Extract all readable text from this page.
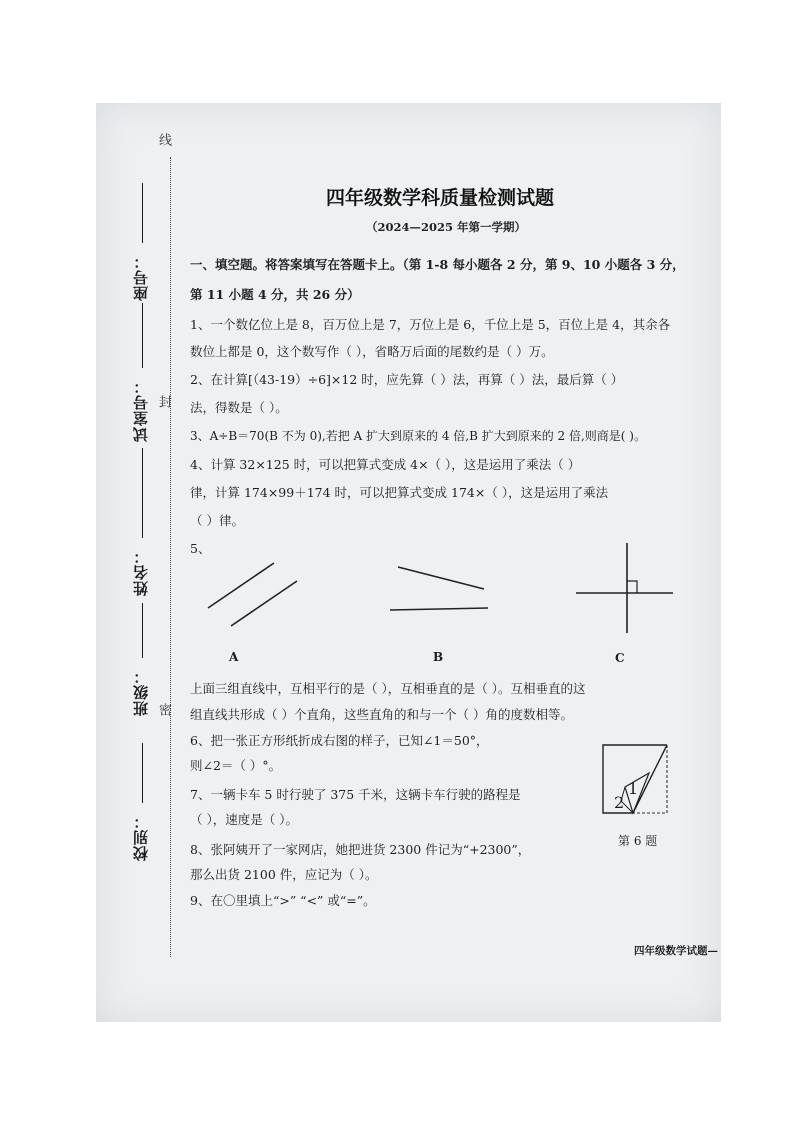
线
封
密
座号：
试室号：
姓名：
班级：
校别：
四年级数学科质量检测试题
（2024—2025 年第一学期）
一、填空题。将答案填写在答题卡上。（第 1-8 每小题各 2 分，第 9、10 小题各 3 分，
第 11 小题 4 分，共 26 分）
1、一个数亿位上是 8，百万位上是 7，万位上是 6，千位上是 5，百位上是 4，其余各
数位上都是 0，这个数写作（ ），省略万后面的尾数约是（ ）万。
2、在计算[（43-19）÷6]×12 时，应先算（ ）法，再算（ ）法，最后算（ ）
法，得数是（ ）。
3、A÷B＝70(B 不为 0),若把 A 扩大到原来的 4 倍,B 扩大到原来的 2 倍,则商是( )。
4、计算 32×125 时，可以把算式变成 4×（ ），这是运用了乘法（ ）
律，计算 174×99＋174 时，可以把算式变成 174×（ ），这是运用了乘法
（ ）律。
5、
A	B	C
上面三组直线中，互相平行的是（ ），互相垂直的是（ ）。互相垂直的这
组直线共形成（ ）个直角，这些直角的和与一个（ ）角的度数相等。
6、把一张正方形纸折成右图的样子，已知∠1＝50°，
则∠2＝（ ）°。
1
2
第 6 题
7、一辆卡车 5 时行驶了 375 千米，这辆卡车行驶的路程是
（ ），速度是（ ）。
8、张阿姨开了一家网店，她把进货 2300 件记为“+2300”，
那么出货 2100 件，应记为（ ）。
9、在〇里填上“>” “<” 或“=”。
四年级数学试题—
